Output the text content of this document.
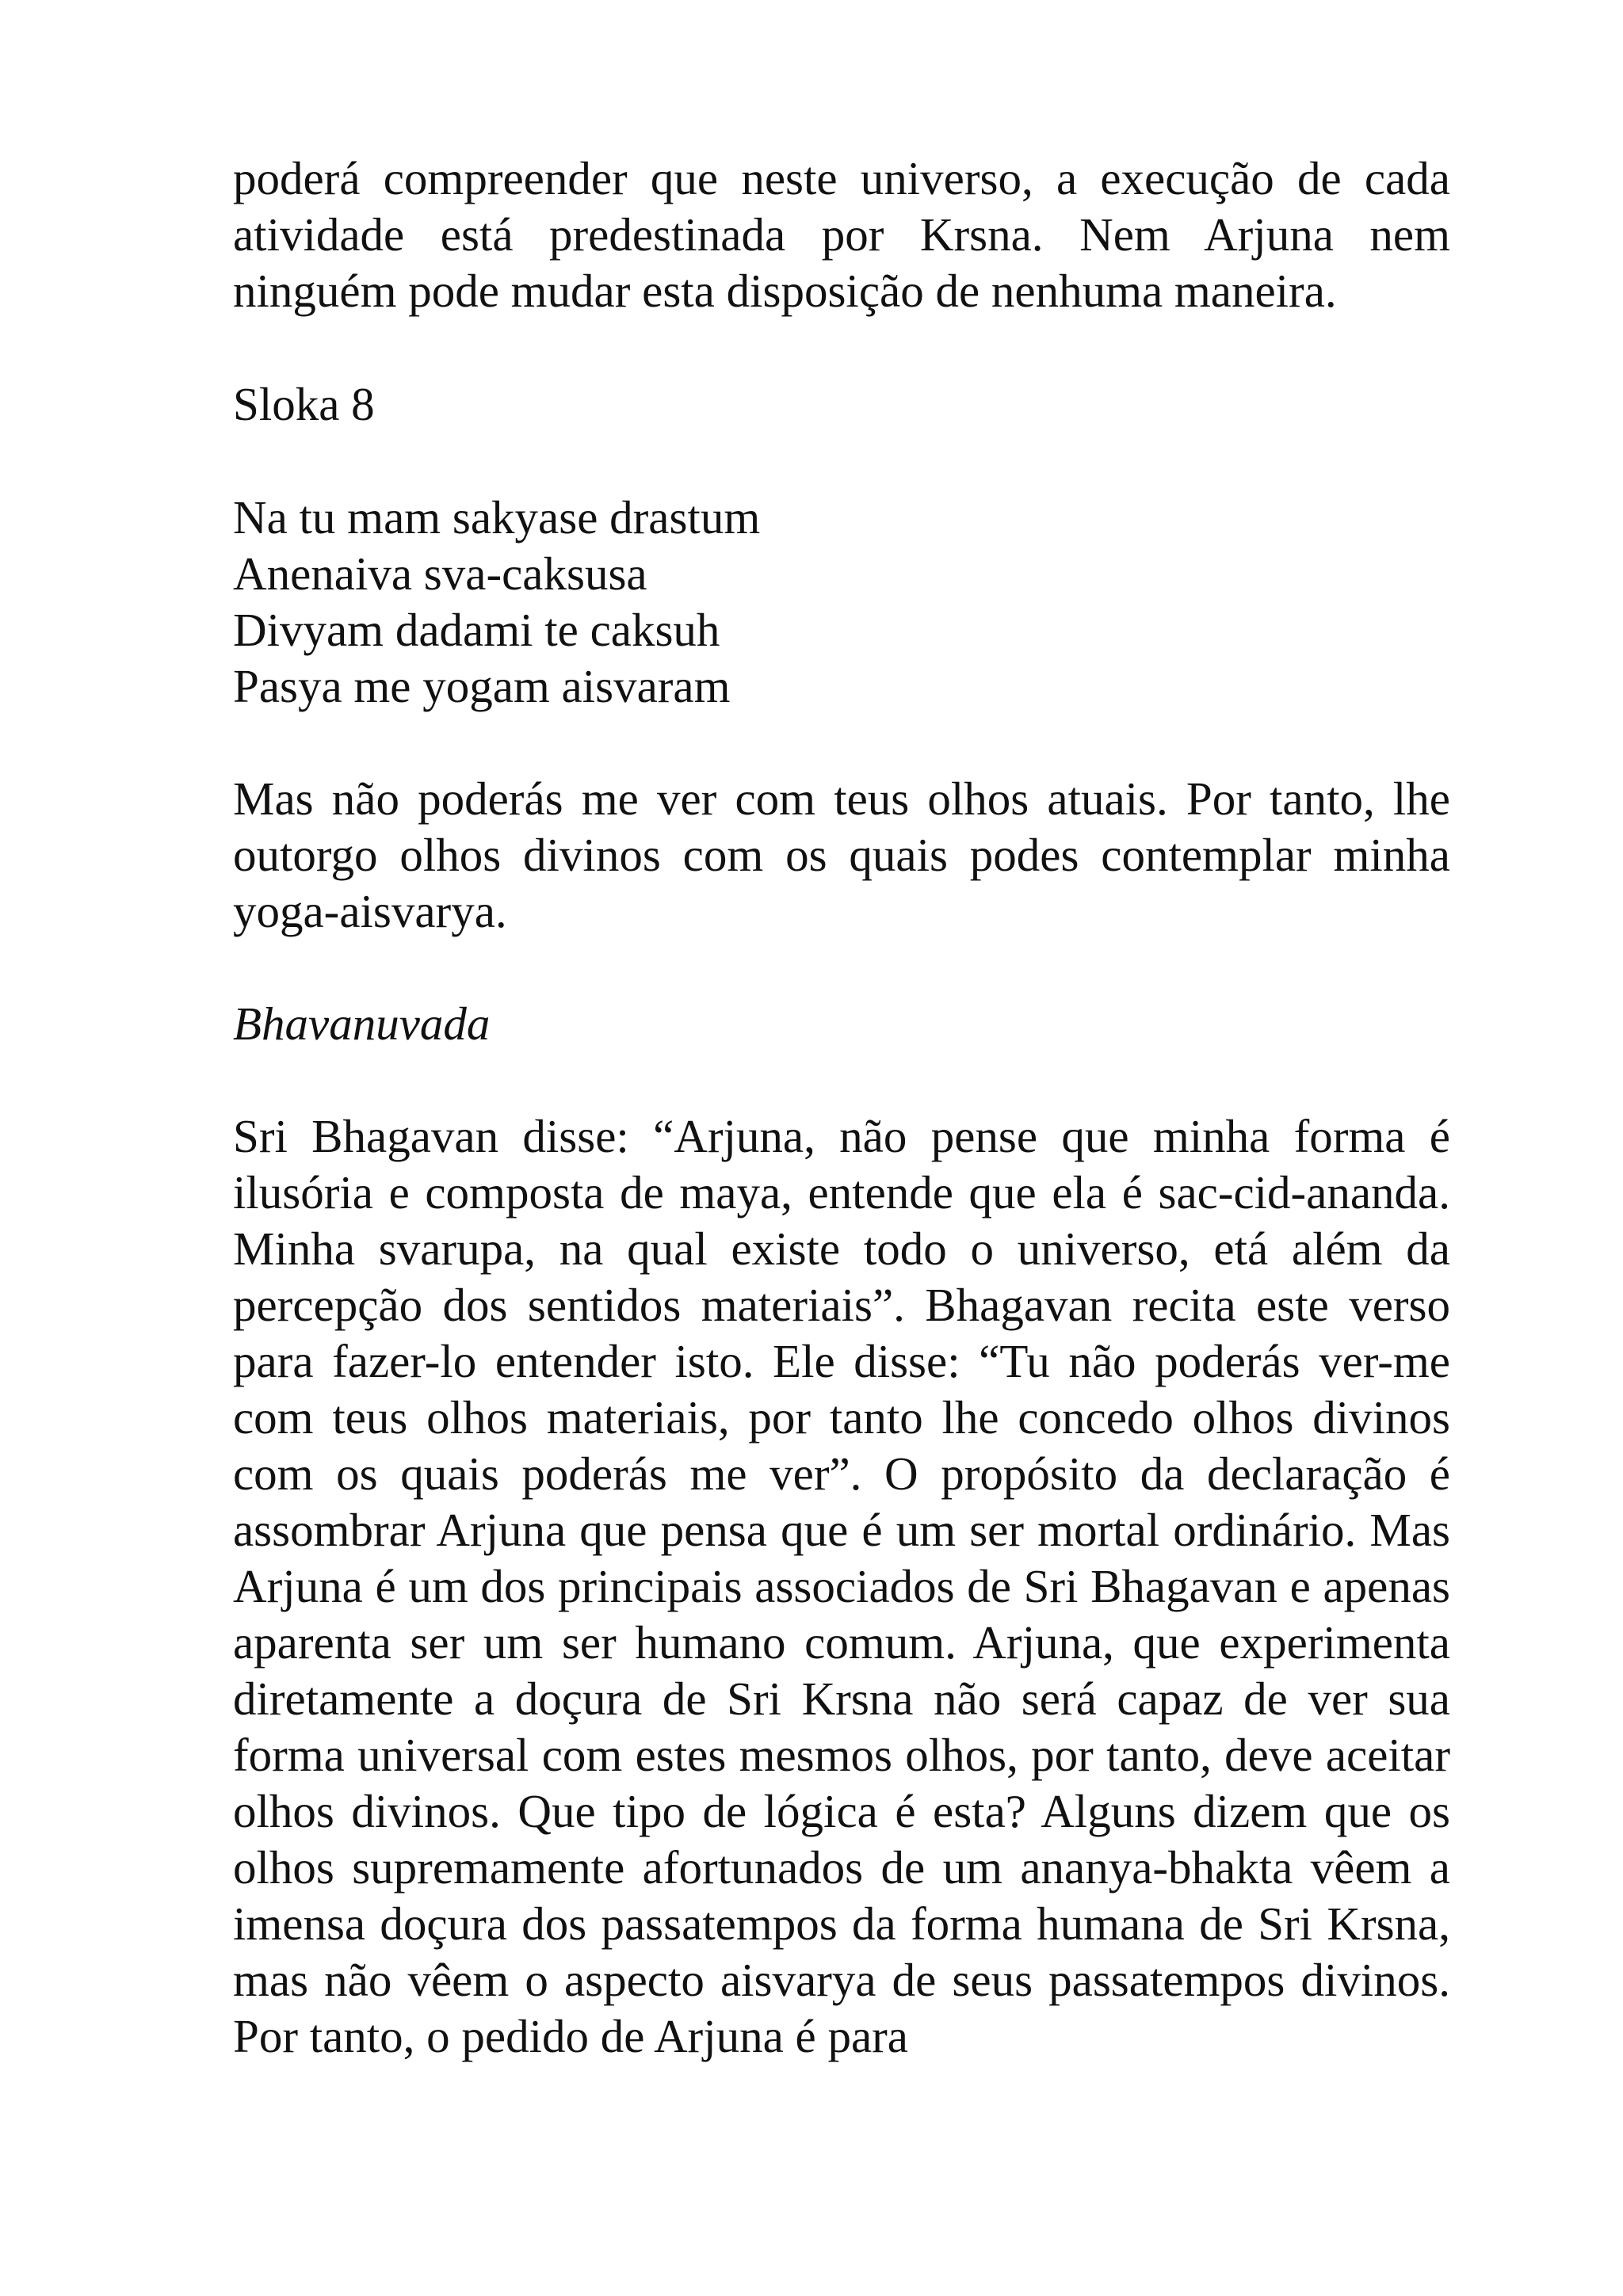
poderá compreender que neste universo, a execução de cada atividade está predestinada por Krsna. Nem Arjuna nem ninguém pode mudar esta disposição de nenhuma maneira.

Sloka 8

Na tu mam sakyase drastum
Anenaiva sva-caksusa
Divyam dadami te caksuh
Pasya me yogam aisvaram

Mas não poderás me ver com teus olhos atuais. Por tanto, lhe outorgo olhos divinos com os quais podes contemplar minha yoga-aisvarya.

Bhavanuvada

Sri Bhagavan disse: “Arjuna, não pense que minha forma é ilusória e composta de maya, entende que ela é sac-cid-ananda. Minha svarupa, na qual existe todo o universo, etá além da percepção dos sentidos materiais”. Bhagavan recita este verso para fazer-lo entender isto. Ele disse: “Tu não poderás ver-me com teus olhos materiais, por tanto lhe concedo olhos divinos com os quais poderás me ver”. O propósito da declaração é assombrar Arjuna que pensa que é um ser mortal ordinário. Mas Arjuna é um dos principais associados de Sri Bhagavan e apenas aparenta ser um ser humano comum. Arjuna, que experimenta diretamente a doçura de Sri Krsna não será capaz de ver sua forma universal com estes mesmos olhos, por tanto, deve aceitar olhos divinos. Que tipo de lógica é esta? Alguns dizem que os olhos supremamente afortunados de um ananya-bhakta vêem a imensa doçura dos passatempos da forma humana de Sri Krsna, mas não vêem o aspecto aisvarya de seus passatempos divinos. Por tanto, o pedido de Arjuna é para
